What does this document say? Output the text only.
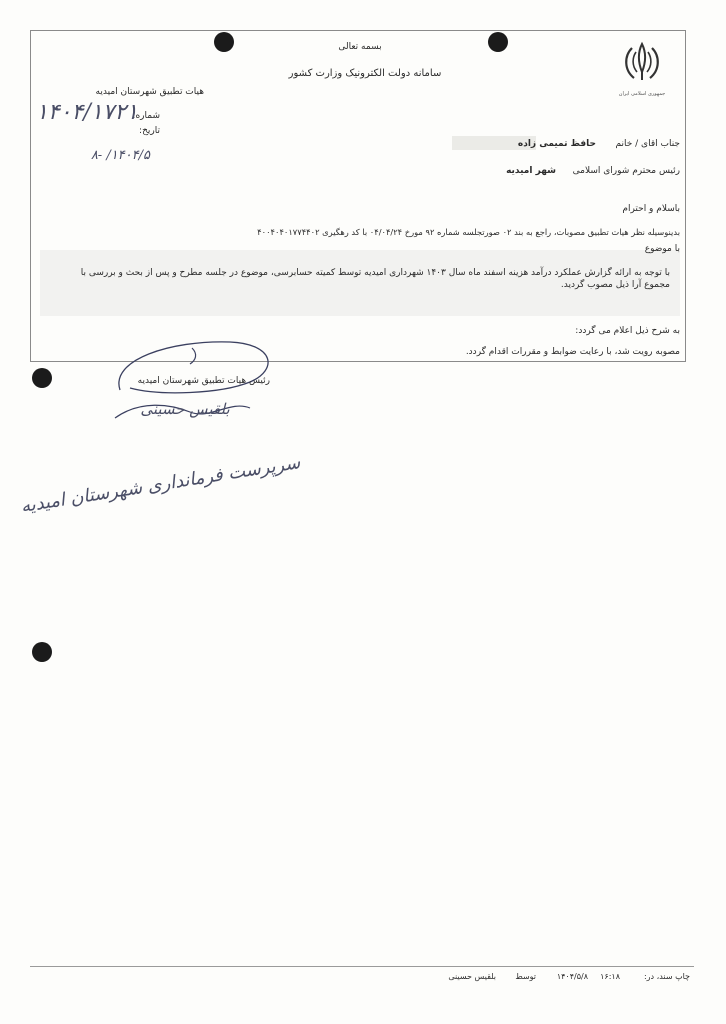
جمهوری اسلامی ایران
بسمه تعالی
سامانه دولت الکترونیک وزارت کشور
هیات تطبیق شهرستان امیدیه
شماره:
تاریخ:
۱۴۰۴/۱۷۲۱
۱۴۰۴/۵/ -۸
جناب اقای / خانم
حافظ تمیمی زاده
رئیس محترم شورای اسلامی
شهر امیدیه
باسلام و احترام
بدینوسیله نظر هیات تطبیق مصوبات، راجع به بند ۰۲ صورتجلسه شماره ۹۲ مورخ ۰۴/۰۴/۲۴ با کد رهگیری ۴۰۰۴۰۴۰۱۷۷۴۴۰۲
با موضوع
با توجه به ارائه گزارش عملکرد درآمد هزینه اسفند ماه سال ۱۴۰۳ شهرداری امیدیه توسط کمیته حسابرسی، موضوع در جلسه مطرح و پس از بحث و بررسی با مجموع آرا ذیل مصوب گردید.
به شرح ذیل اعلام می گردد:
مصوبه رویت شد، با رعایت ضوابط و مقررات اقدام گردد.
رئیس هیات تطبیق شهرستان امیدیه
بلقیس حسینی
سرپرست فرمانداری شهرستان امیدیه
چاپ سند، در:
۱۶:۱۸
۱۴۰۴/۵/۸
توسط
بلقیس حسینی
